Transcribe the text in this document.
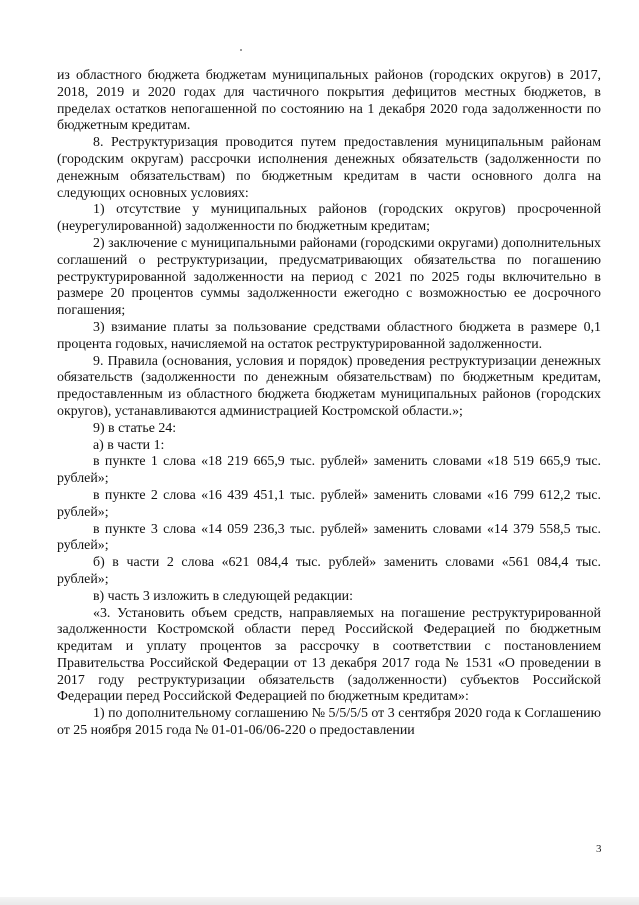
из областного бюджета бюджетам муниципальных районов (городских округов) в 2017, 2018, 2019 и 2020 годах для частичного покрытия дефицитов местных бюджетов, в пределах остатков непогашенной по состоянию на 1 декабря 2020 года задолженности по бюджетным кредитам.

8. Реструктуризация проводится путем предоставления муниципальным районам (городским округам) рассрочки исполнения денежных обязательств (задолженности по денежным обязательствам) по бюджетным кредитам в части основного долга на следующих основных условиях:

1) отсутствие у муниципальных районов (городских округов) просроченной (неурегулированной) задолженности по бюджетным кредитам;

2) заключение с муниципальными районами (городскими округами) дополнительных соглашений о реструктуризации, предусматривающих обязательства по погашению реструктурированной задолженности на период с 2021 по 2025 годы включительно в размере 20 процентов суммы задолженности ежегодно с возможностью ее досрочного погашения;

3) взимание платы за пользование средствами областного бюджета в размере 0,1 процента годовых, начисляемой на остаток реструктурированной задолженности.

9. Правила (основания, условия и порядок) проведения реструктуризации денежных обязательств (задолженности по денежным обязательствам) по бюджетным кредитам, предоставленным из областного бюджета бюджетам муниципальных районов (городских округов), устанавливаются администрацией Костромской области.»;

9) в статье 24:

а) в части 1:

в пункте 1 слова «18 219 665,9 тыс. рублей» заменить словами «18 519 665,9 тыс. рублей»;

в пункте 2 слова «16 439 451,1 тыс. рублей» заменить словами «16 799 612,2 тыс. рублей»;

в пункте 3 слова «14 059 236,3 тыс. рублей» заменить словами «14 379 558,5 тыс. рублей»;

б) в части 2 слова «621 084,4 тыс. рублей» заменить словами «561 084,4 тыс. рублей»;

в) часть 3 изложить в следующей редакции:

«3. Установить объем средств, направляемых на погашение реструктурированной задолженности Костромской области перед Российской Федерацией по бюджетным кредитам и уплату процентов за рассрочку в соответствии с постановлением Правительства Российской Федерации от 13 декабря 2017 года № 1531 «О проведении в 2017 году реструктуризации обязательств (задолженности) субъектов Российской Федерации перед Российской Федерацией по бюджетным кредитам»:

1) по дополнительному соглашению № 5/5/5/5 от 3 сентября 2020 года к Соглашению от 25 ноября 2015 года № 01-01-06/06-220 о предоставлении

3
